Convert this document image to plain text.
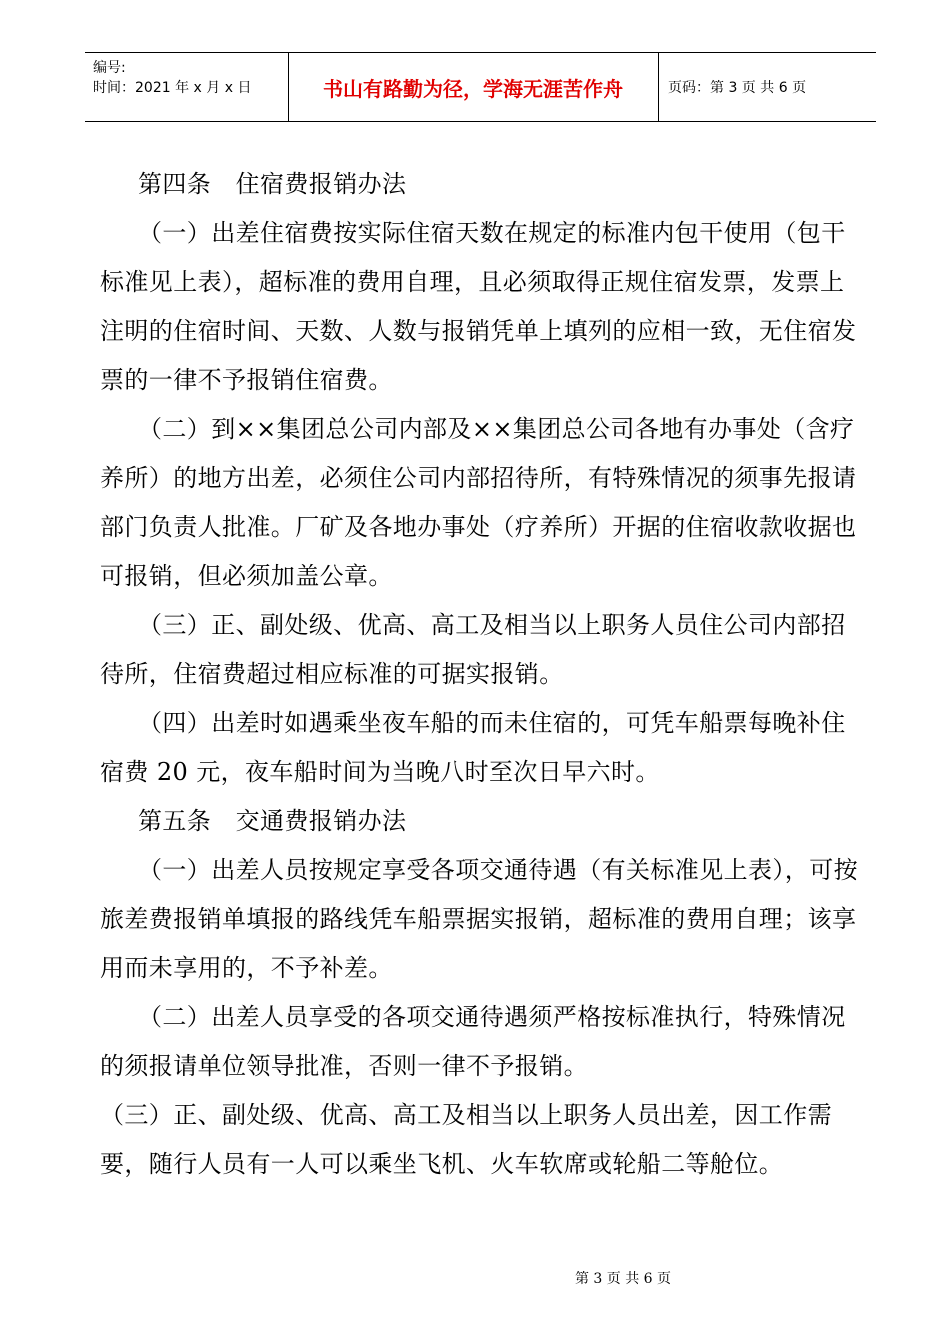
编号:
时间：2021 年 x 月 x 日	书山有路勤为径，学海无涯苦作舟	页码：第 3 页 共 6 页

第四条　住宿费报销办法

（一）出差住宿费按实际住宿天数在规定的标准内包干使用（包干标准见上表），超标准的费用自理，且必须取得正规住宿发票，发票上注明的住宿时间、天数、人数与报销凭单上填列的应相一致，无住宿发票的一律不予报销住宿费。

（二）到××集团总公司内部及××集团总公司各地有办事处（含疗养所）的地方出差，必须住公司内部招待所，有特殊情况的须事先报请部门负责人批准。厂矿及各地办事处（疗养所）开据的住宿收款收据也可报销，但必须加盖公章。

（三）正、副处级、优高、高工及相当以上职务人员住公司内部招待所，住宿费超过相应标准的可据实报销。

（四）出差时如遇乘坐夜车船的而未住宿的，可凭车船票每晚补住宿费 20 元，夜车船时间为当晚八时至次日早六时。

第五条　交通费报销办法

（一）出差人员按规定享受各项交通待遇（有关标准见上表），可按旅差费报销单填报的路线凭车船票据实报销，超标准的费用自理；该享用而未享用的，不予补差。

（二）出差人员享受的各项交通待遇须严格按标准执行，特殊情况的须报请单位领导批准，否则一律不予报销。

（三）正、副处级、优高、高工及相当以上职务人员出差，因工作需要，随行人员有一人可以乘坐飞机、火车软席或轮船二等舱位。

第 3 页 共 6 页
